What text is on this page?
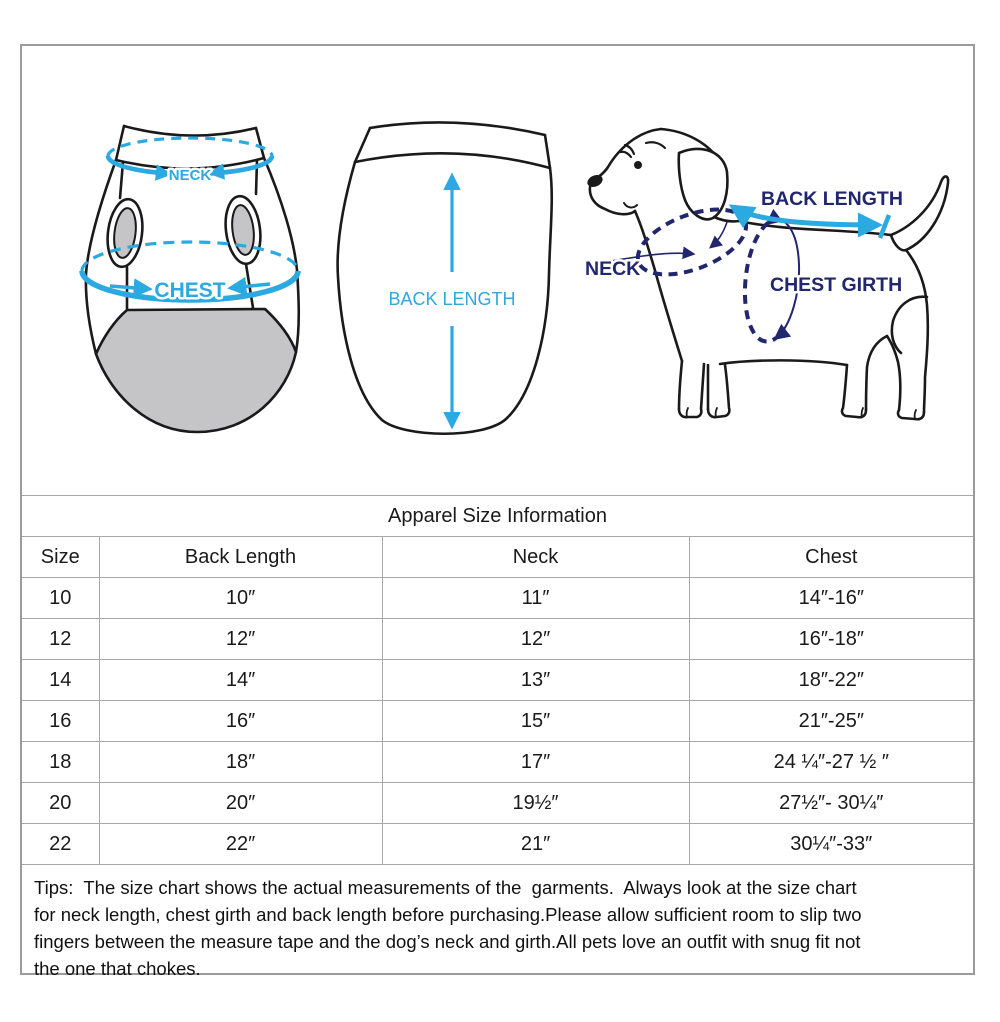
NECK
CHEST	BACK LENGTH
BACK LENGTH
NECK
CHEST GIRTH
Apparel Size Information			
Size	Back Length	Neck	Chest
10	10″	11″	14″-16″
12	12″	12″	16″-18″
14	14″	13″	18″-22″
16	16″	15″	21″-25″
18	18″	17″	24 ¼″-27 ½ ″
20	20″	19½″	27½″- 30¼″
22	22″	21″	30¼″-33″
Tips:  The size chart shows the actual measurements of the  garments.  Always look at the size chart
for neck length, chest girth and back length before purchasing.Please allow sufficient room to slip two
fingers between the measure tape and the dog’s neck and girth.All pets love an outfit with snug fit not
the one that chokes.
